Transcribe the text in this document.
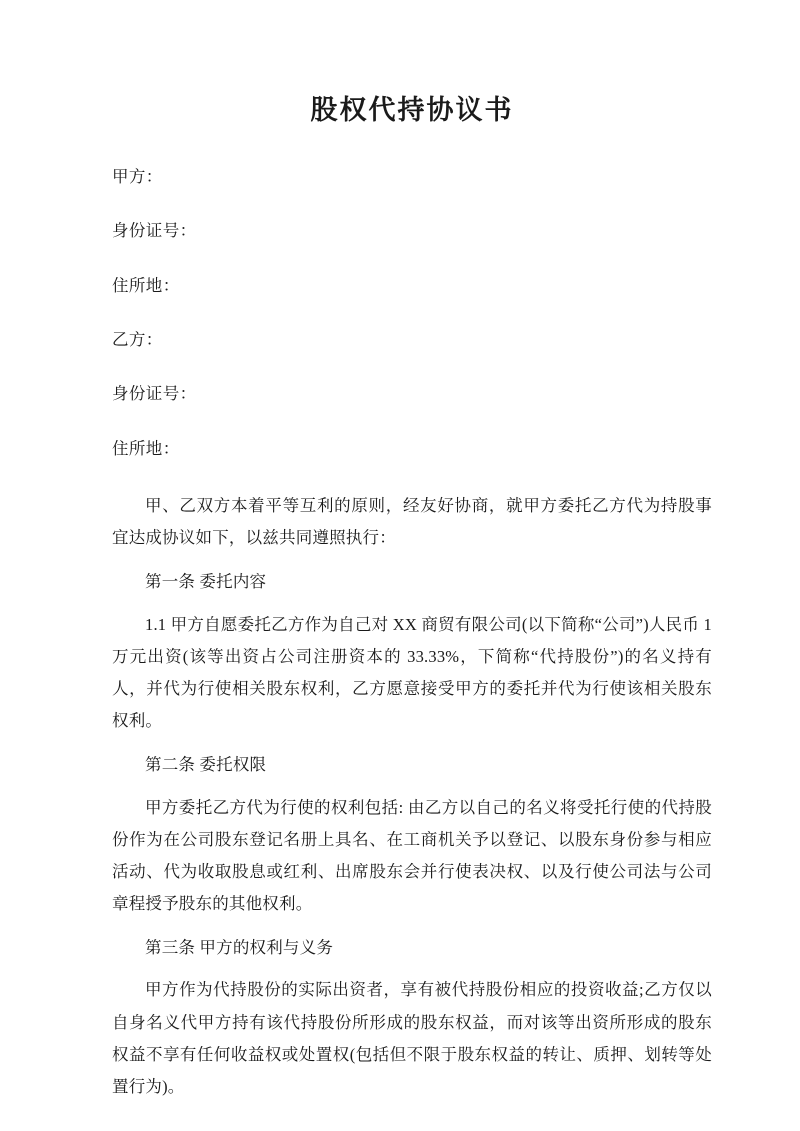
股权代持协议书

甲方：

身份证号：

住所地：

乙方：

身份证号：

住所地：

甲、乙双方本着平等互利的原则，经友好协商，就甲方委托乙方代为持股事宜达成协议如下，以兹共同遵照执行：

第一条 委托内容

1.1 甲方自愿委托乙方作为自己对 XX 商贸有限公司(以下简称“公司”)人民币 1 万元出资(该等出资占公司注册资本的 33.33%，下简称“代持股份”)的名义持有人，并代为行使相关股东权利，乙方愿意接受甲方的委托并代为行使该相关股东权利。

第二条 委托权限

甲方委托乙方代为行使的权利包括: 由乙方以自己的名义将受托行使的代持股份作为在公司股东登记名册上具名、在工商机关予以登记、以股东身份参与相应活动、代为收取股息或红利、出席股东会并行使表决权、以及行使公司法与公司章程授予股东的其他权利。

第三条 甲方的权利与义务

甲方作为代持股份的实际出资者，享有被代持股份相应的投资收益;乙方仅以自身名义代甲方持有该代持股份所形成的股东权益，而对该等出资所形成的股东权益不享有任何收益权或处置权(包括但不限于股东权益的转让、质押、划转等处置行为)。
